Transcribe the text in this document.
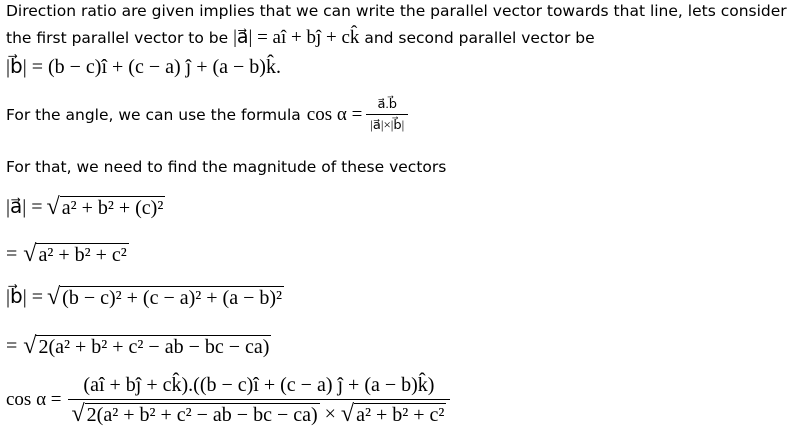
Direction ratio are given implies that we can write the parallel vector towards that line, lets consider
the first parallel vector to be |a⃗| = aî + bĵ + ck̂ and second parallel vector be
|b⃗| = (b − c)î + (c − a) ĵ + (a − b)k̂.
For the angle, we can use the formula $\cos \alpha = \frac{a⃗.b⃗}{|a⃗|\times|b⃗|}$
For that, we need to find the magnitude of these vectors
|a⃗| = √ a² + b² + (c)²
= √ a² + b² + c²
|b⃗| = √ (b − c)² + (c − a)² + (a − b)²
= √ 2(a² + b² + c² − ab − bc − ca)
cos α =
(aî + bĵ + ck̂).((b − c)î + (c − a) ĵ + (a − b)k̂)
√ 2(a² + b² + c² − ab − bc − ca) × √ a² + b² + c²
